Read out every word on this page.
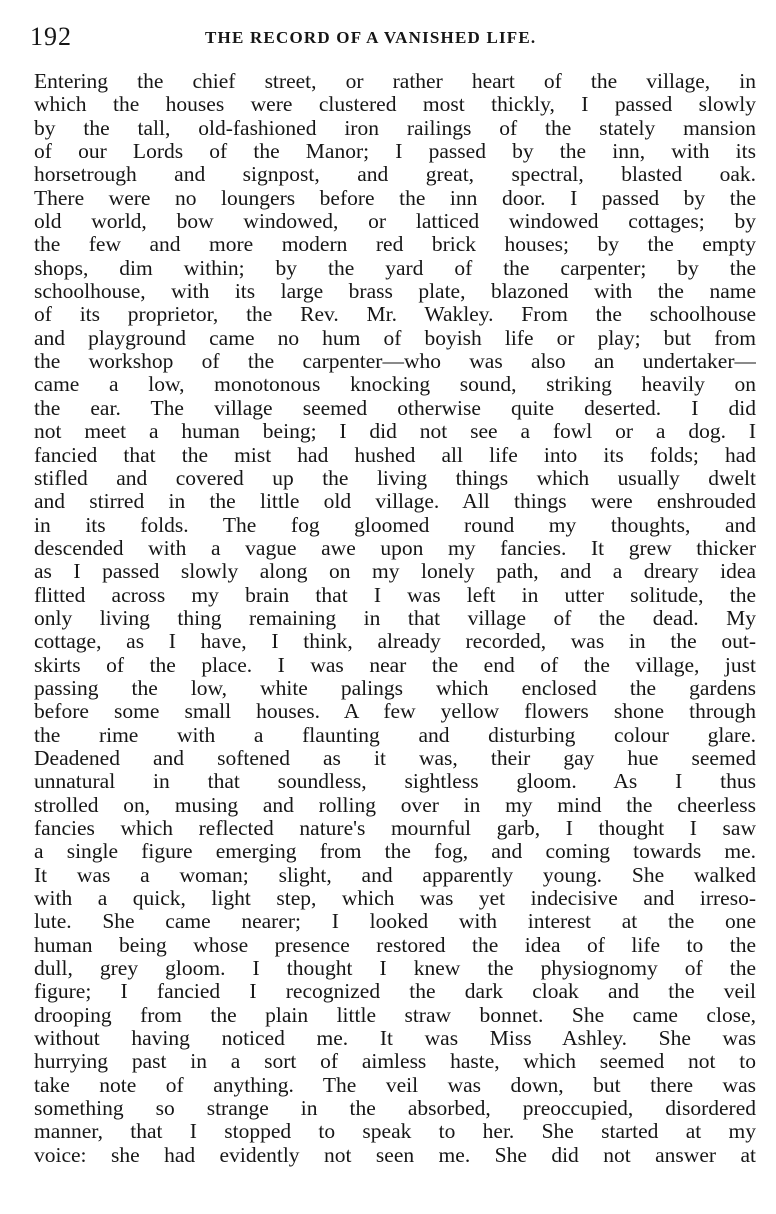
192	THE RECORD OF A VANISHED LIFE.
Entering the chief street, or rather heart of the village, in
which the houses were clustered most thickly, I passed slowly
by the tall, old-fashioned iron railings of the stately mansion
of our Lords of the Manor; I passed by the inn, with its
horsetrough and signpost, and great, spectral, blasted oak.
There were no loungers before the inn door. I passed by the
old world, bow windowed, or latticed windowed cottages; by
the few and more modern red brick houses; by the empty
shops, dim within; by the yard of the carpenter; by the
schoolhouse, with its large brass plate, blazoned with the name
of its proprietor, the Rev. Mr. Wakley. From the schoolhouse
and playground came no hum of boyish life or play; but from
the workshop of the carpenter—who was also an undertaker—
came a low, monotonous knocking sound, striking heavily on
the ear. The village seemed otherwise quite deserted. I did
not meet a human being; I did not see a fowl or a dog. I
fancied that the mist had hushed all life into its folds; had
stifled and covered up the living things which usually dwelt
and stirred in the little old village. All things were enshrouded
in its folds. The fog gloomed round my thoughts, and
descended with a vague awe upon my fancies. It grew thicker
as I passed slowly along on my lonely path, and a dreary idea
flitted across my brain that I was left in utter solitude, the
only living thing remaining in that village of the dead. My
cottage, as I have, I think, already recorded, was in the out-
skirts of the place. I was near the end of the village, just
passing the low, white palings which enclosed the gardens
before some small houses. A few yellow flowers shone through
the rime with a flaunting and disturbing colour glare.
Deadened and softened as it was, their gay hue seemed
unnatural in that soundless, sightless gloom. As I thus
strolled on, musing and rolling over in my mind the cheerless
fancies which reflected nature's mournful garb, I thought I saw
a single figure emerging from the fog, and coming towards me.
It was a woman; slight, and apparently young. She walked
with a quick, light step, which was yet indecisive and irreso-
lute. She came nearer; I looked with interest at the one
human being whose presence restored the idea of life to the
dull, grey gloom. I thought I knew the physiognomy of the
figure; I fancied I recognized the dark cloak and the veil
drooping from the plain little straw bonnet. She came close,
without having noticed me. It was Miss Ashley. She was
hurrying past in a sort of aimless haste, which seemed not to
take note of anything. The veil was down, but there was
something so strange in the absorbed, preoccupied, disordered
manner, that I stopped to speak to her. She started at my
voice: she had evidently not seen me. She did not answer at
